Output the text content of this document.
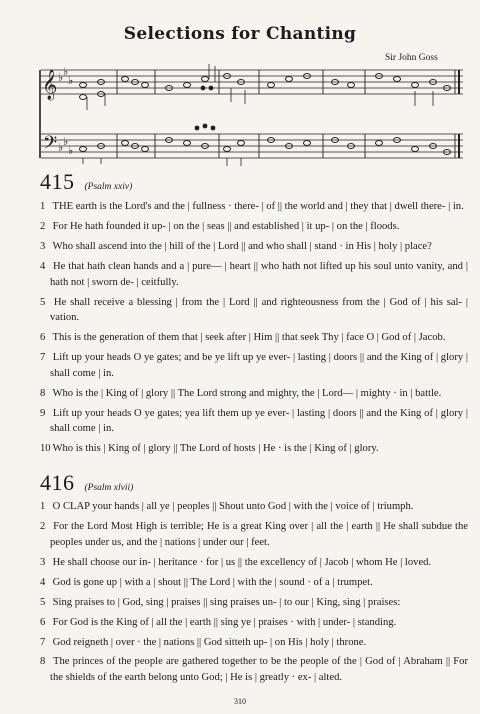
Selections for Chanting
Sir John Goss
𝄞
𝄢
♭ ♭
♭
♭ ♭
♭
415 (Psalm xxiv)

1 THE earth is the Lord's and the | fullness · there- | of || the world and | they that | dwell there- | in.

2 For He hath founded it up- | on the | seas || and established | it up- | on the | floods.

3 Who shall ascend into the | hill of the | Lord || and who shall | stand · in His | holy | place?

4 He that hath clean hands and a | pure— | heart || who hath not lifted up his soul unto vanity, and | hath not | sworn de- | ceitfully.

5 He shall receive a blessing | from the | Lord || and righteousness from the | God of | his sal- | vation.

6 This is the generation of them that | seek after | Him || that seek Thy | face O | God of | Jacob.

7 Lift up your heads O ye gates; and be ye lift up ye ever- | lasting | doors || and the King of | glory | shall come | in.

8 Who is the | King of | glory || The Lord strong and mighty, the | Lord— | mighty · in | battle.

9 Lift up your heads O ye gates; yea lift them up ye ever- | lasting | doors || and the King of | glory | shall come | in.

10 Who is this | King of | glory || The Lord of hosts | He · is the | King of | glory.

416 (Psalm xlvii)

1 O CLAP your hands | all ye | peoples || Shout unto God | with the | voice of | triumph.

2 For the Lord Most High is terrible; He is a great King over | all the | earth || He shall subdue the peoples under us, and the | nations | under our | feet.

3 He shall choose our in- | heritance · for | us || the excellency of | Jacob | whom He | loved.

4 God is gone up | with a | shout || The Lord | with the | sound · of a | trumpet.

5 Sing praises to | God, sing | praises || sing praises un- | to our | King, sing | praises:

6 For God is the King of | all the | earth || sing ye | praises · with | under- | standing.

7 God reigneth | over · the | nations || God sitteth up- | on His | holy | throne.

8 The princes of the people are gathered together to be the people of the | God of | Abraham || For the shields of the earth belong unto God; | He is | greatly · ex- | alted.

310
